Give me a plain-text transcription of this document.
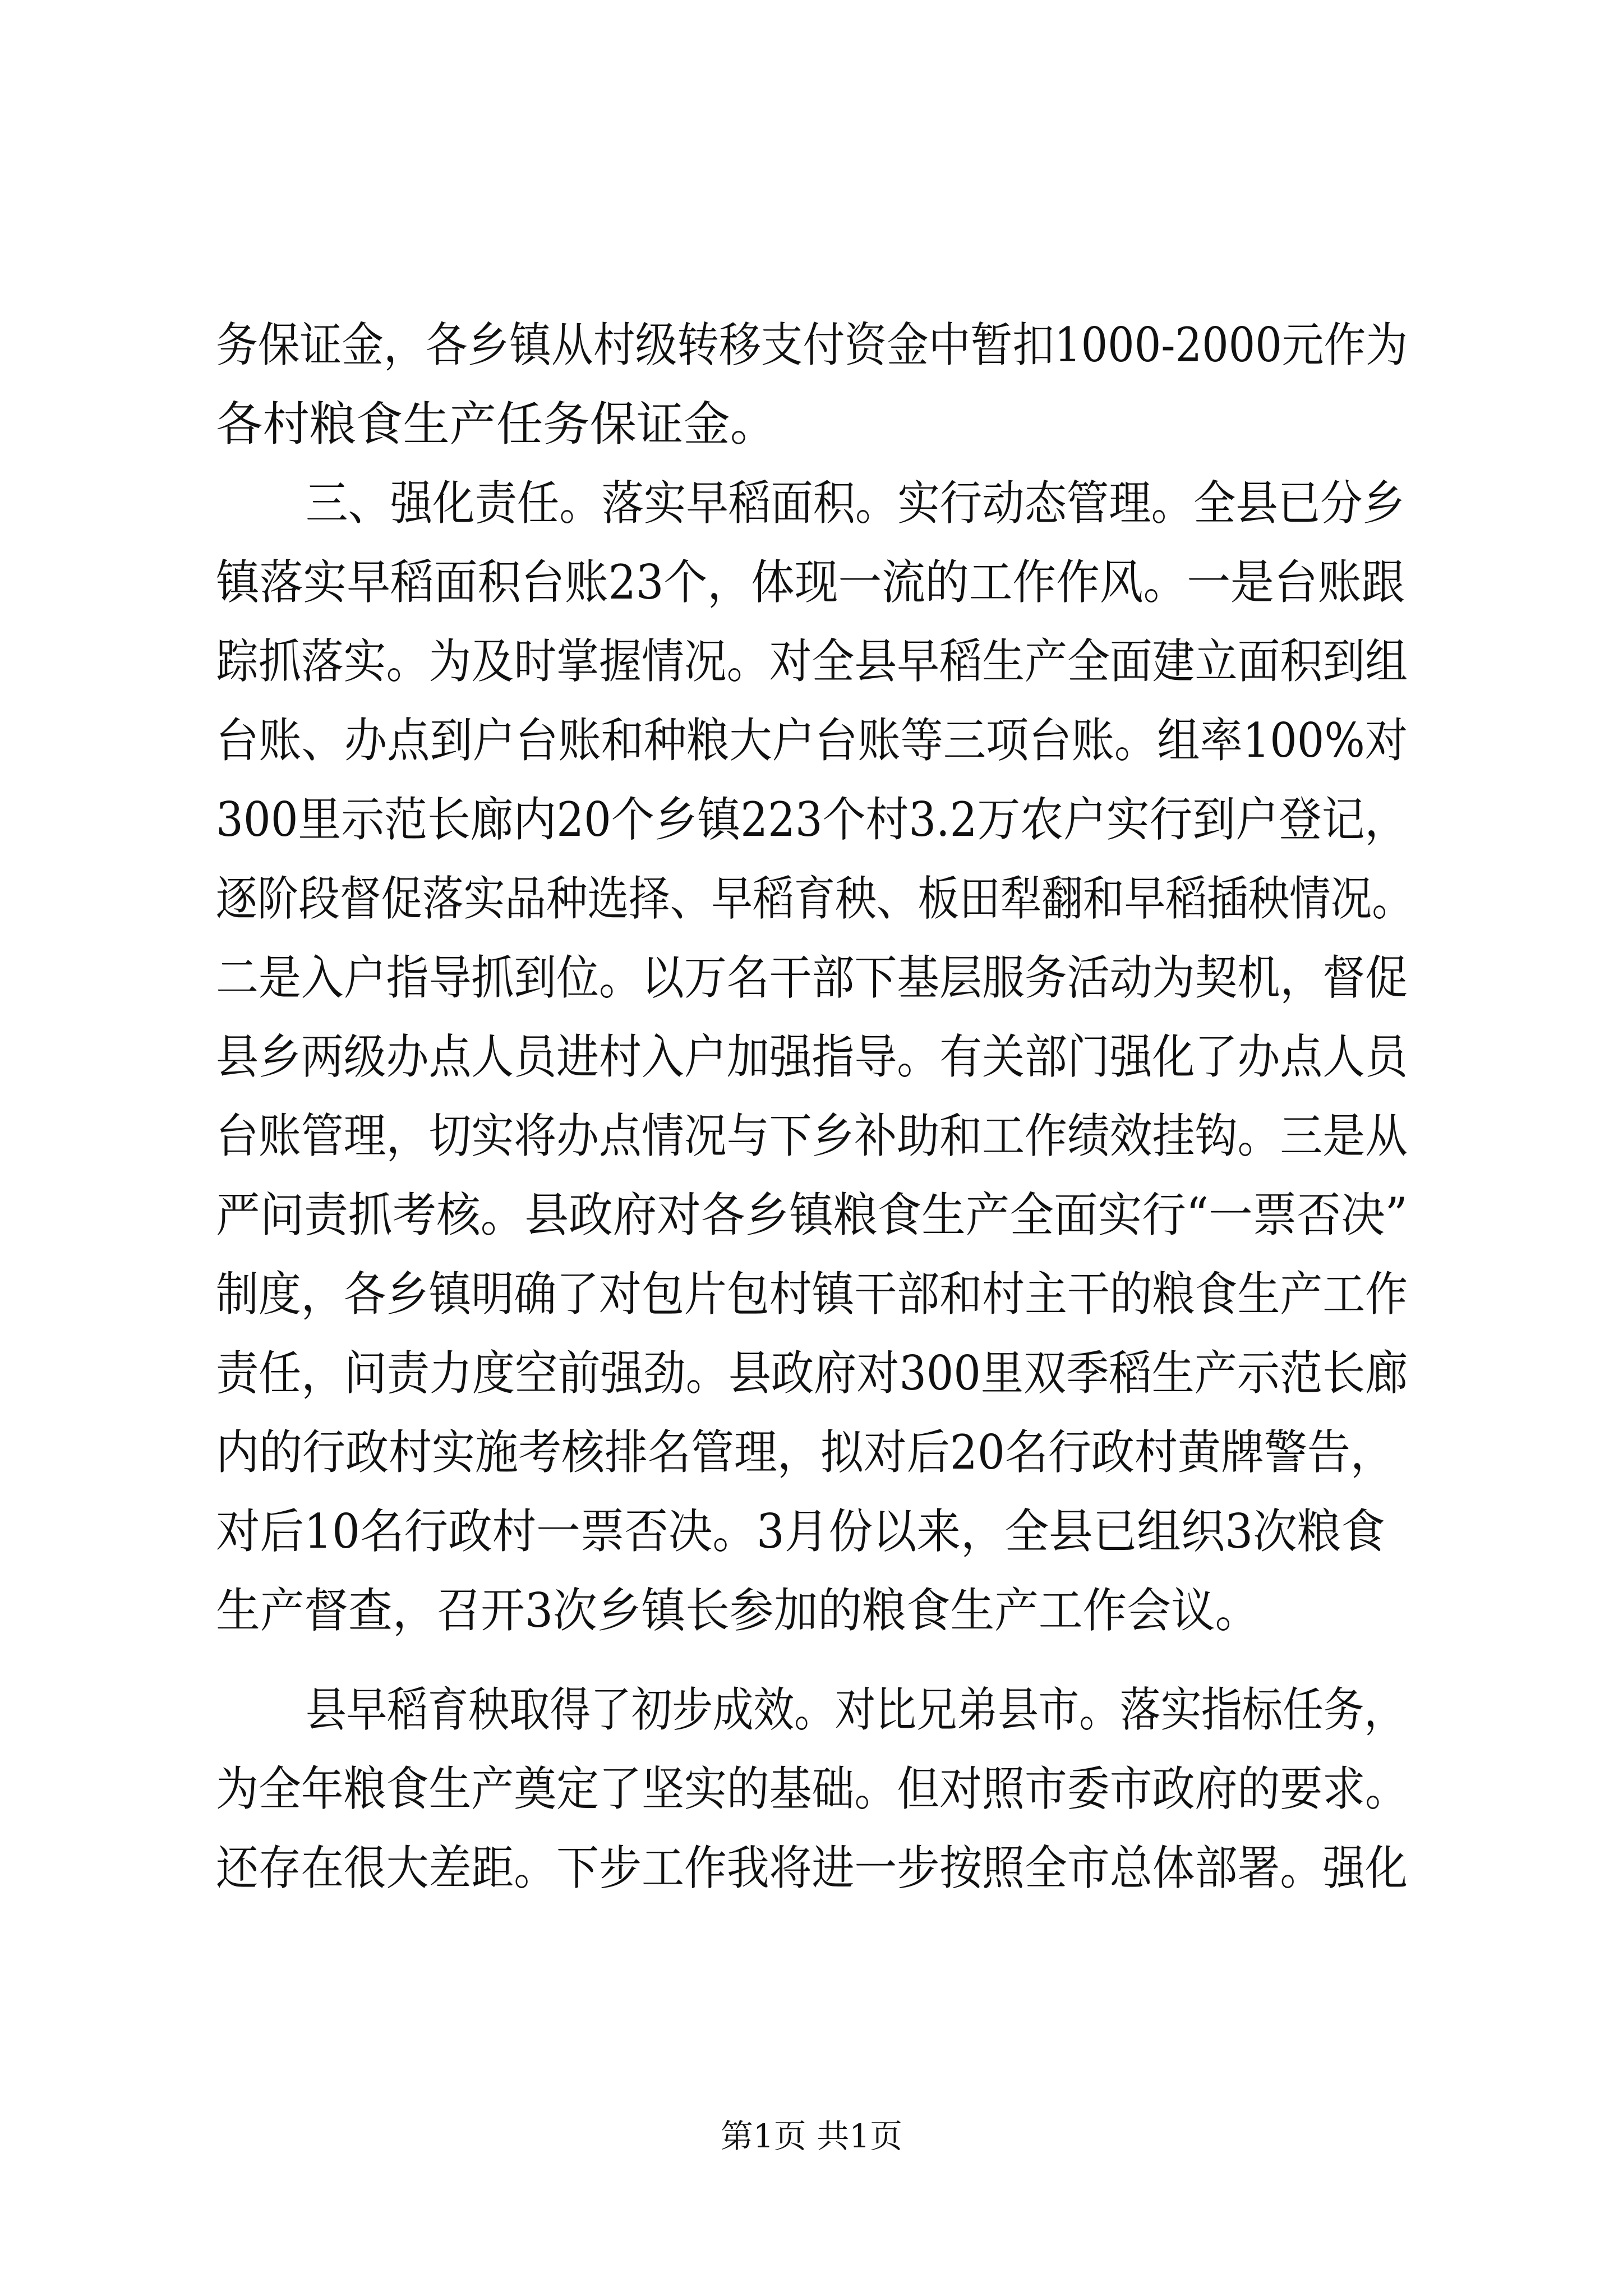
务保证金，各乡镇从村级转移支付资金中暂扣1000-2000元作为
各村粮食生产任务保证金。
三、强化责任。落实早稻面积。实行动态管理。全县已分乡
镇落实早稻面积台账23个，体现一流的工作作风。一是台账跟
踪抓落实。为及时掌握情况。对全县早稻生产全面建立面积到组
台账、办点到户台账和种粮大户台账等三项台账。组率100%对
300里示范长廊内20个乡镇223个村3.2万农户实行到户登记，
逐阶段督促落实品种选择、早稻育秧、板田犁翻和早稻插秧情况。
二是入户指导抓到位。以万名干部下基层服务活动为契机，督促
县乡两级办点人员进村入户加强指导。有关部门强化了办点人员
台账管理，切实将办点情况与下乡补助和工作绩效挂钩。三是从
严问责抓考核。县政府对各乡镇粮食生产全面实行“一票否决”
制度，各乡镇明确了对包片包村镇干部和村主干的粮食生产工作
责任，问责力度空前强劲。县政府对300里双季稻生产示范长廊
内的行政村实施考核排名管理，拟对后20名行政村黄牌警告，
对后10名行政村一票否决。3月份以来，全县已组织3次粮食
生产督查，召开3次乡镇长参加的粮食生产工作会议。
县早稻育秧取得了初步成效。对比兄弟县市。落实指标任务，
为全年粮食生产奠定了坚实的基础。但对照市委市政府的要求。
还存在很大差距。下步工作我将进一步按照全市总体部署。强化
第1页 共1页
